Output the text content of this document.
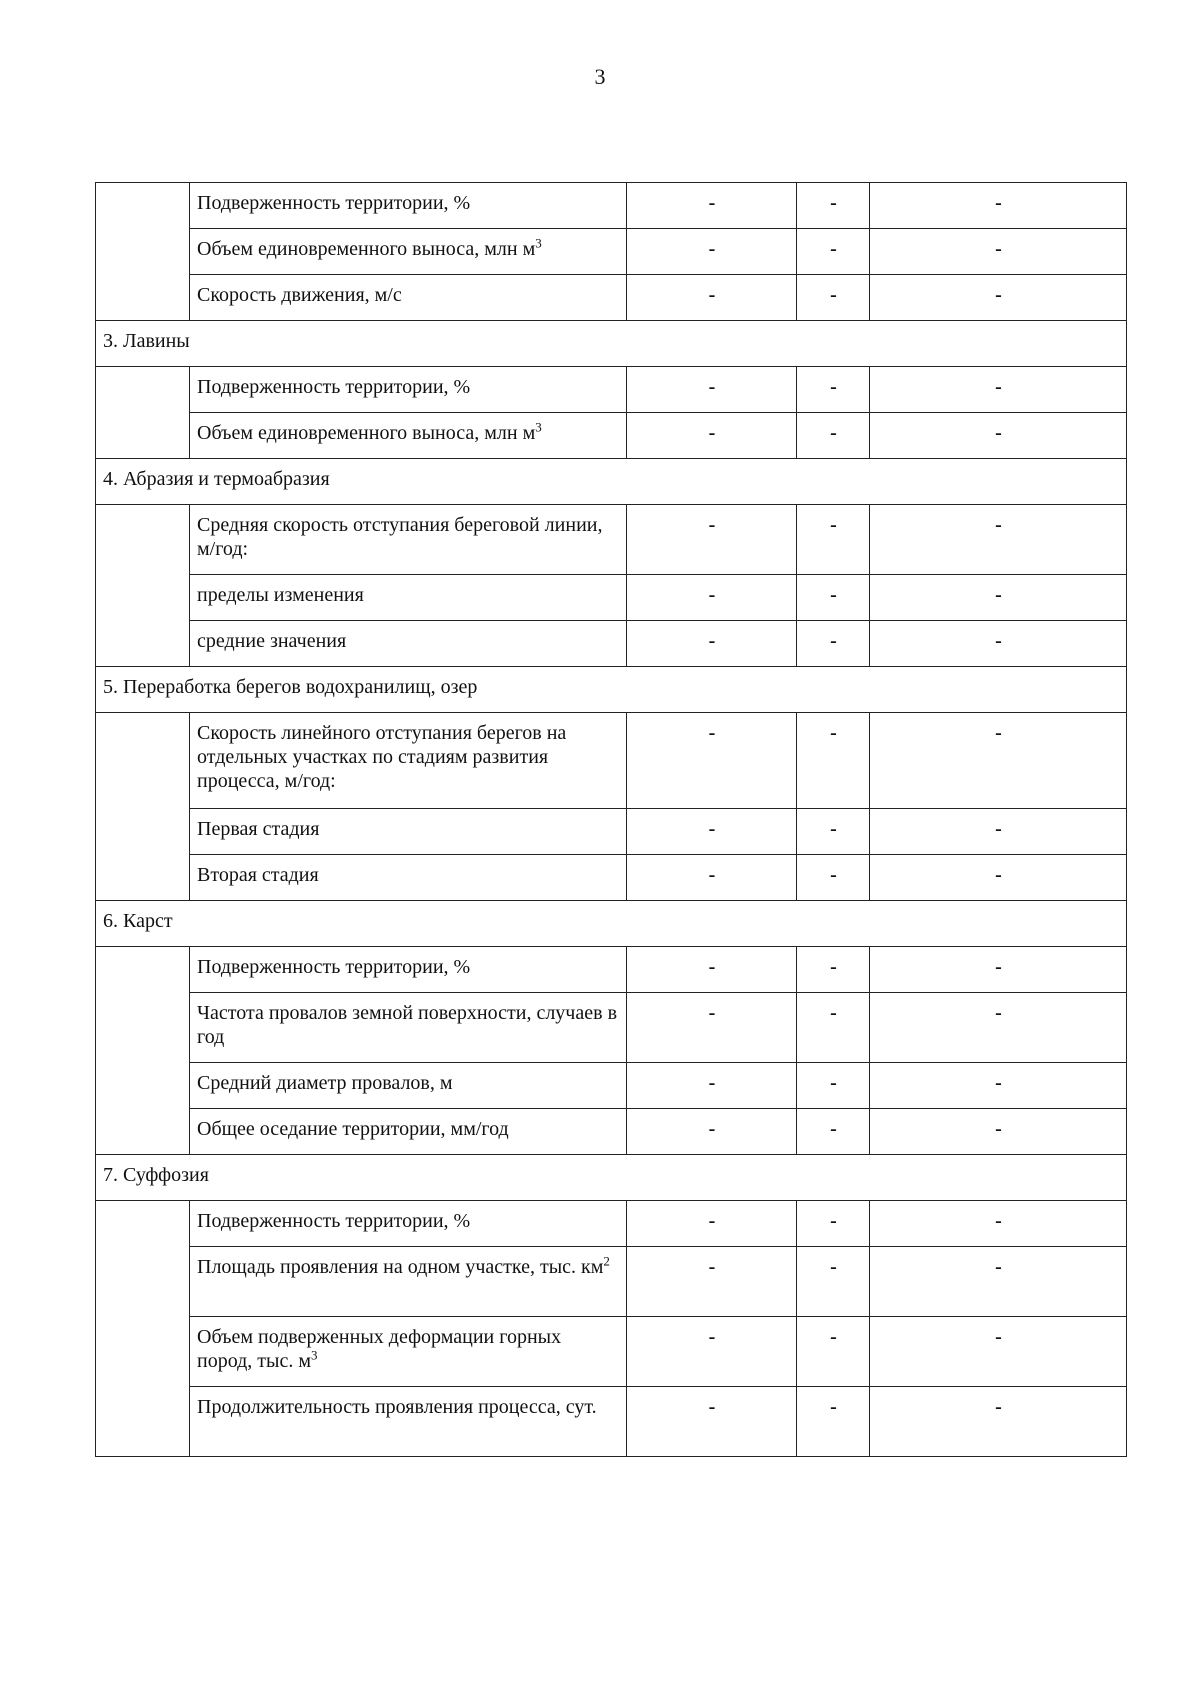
3
	Подверженность территории, %	-	-	-
	Объем единовременного выноса, млн $м^3$	-	-	-
	Скорость движения, м/с	-	-	-
3. Лавины				
	Подверженность территории, %	-	-	-
	Объем единовременного выноса, млн $м^3$	-	-	-
4. Абразия и термоабразия				
	Средняя скорость отступания береговой линии, м/год:	-	-	-
	пределы изменения	-	-	-
	средние значения	-	-	-
5. Переработка берегов водохранилищ, озер				
	Скорость линейного отступания берегов на отдельных участках по стадиям развития процесса, м/год:	-	-	-
	Первая стадия	-	-	-
	Вторая стадия	-	-	-
6. Карст				
	Подверженность территории, %	-	-	-
	Частота провалов земной поверхности, случаев в год	-	-	-
	Средний диаметр провалов, м	-	-	-
	Общее оседание территории, мм/год	-	-	-
7. Суффозия				
	Подверженность территории, %	-	-	-
	Площадь проявления на одном участке, тыс. $км^2$	-	-	-
	Объем подверженных деформации горных пород, тыс. $м^3$	-	-	-
	Продолжительность проявления процесса, сут.	-	-	-
